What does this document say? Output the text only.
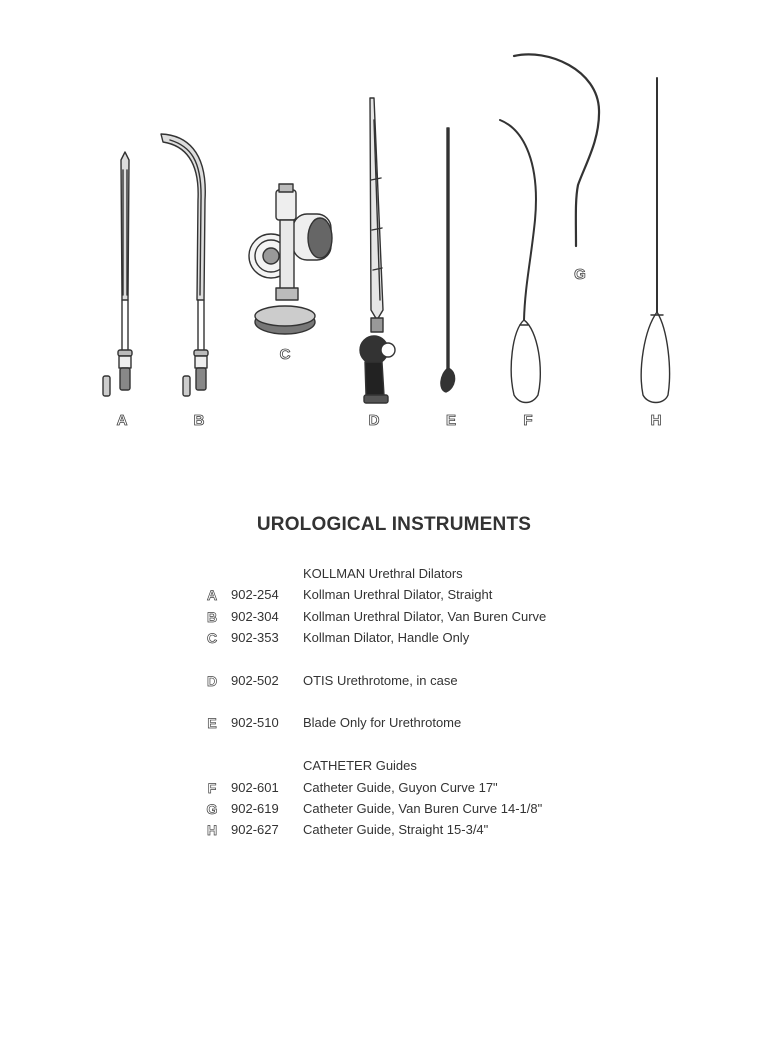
A	B
C
D	E	F
G
H
UROLOGICAL INSTRUMENTS
KOLLMAN Urethral Dilators
A 902-254 Kollman Urethral Dilator, Straight
B 902-304 Kollman Urethral Dilator, Van Buren Curve
C 902-353 Kollman Dilator, Handle Only
D 902-502 OTIS Urethrotome, in case
E 902-510 Blade Only for Urethrotome
CATHETER Guides
F 902-601 Catheter Guide, Guyon Curve 17"
G 902-619 Catheter Guide, Van Buren Curve 14-1/8"
H 902-627 Catheter Guide, Straight 15-3/4"
